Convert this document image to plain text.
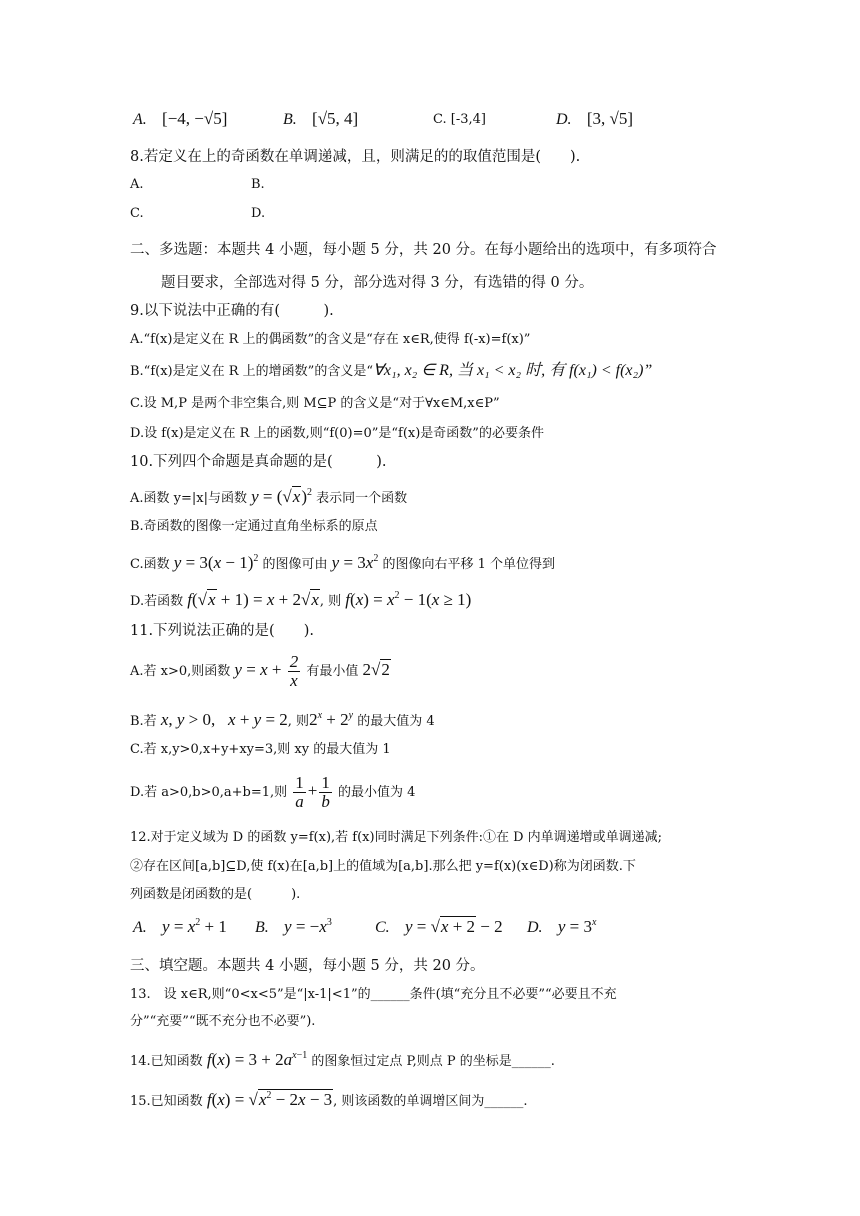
A. [−4, −√5]	B. [√5, 4]	C. [-3,4]	D. [3, √5]
8.若定义在上的奇函数在单调递减，且，则满足的的取值范围是(　　).
A.	B.
C.	D.
二、多选题：本题共 4 小题，每小题 5 分，共 20 分。在每小题给出的选项中，有多项符合
题目要求，全部选对得 5 分，部分选对得 3 分，有选错的得 0 分。
9.以下说法中正确的有(　　　).
A.“f(x)是定义在 R 上的偶函数”的含义是“存在 x∈R,使得 f(-x)=f(x)”
B.“f(x)是定义在 R 上的增函数”的含义是“∀x₁, x₂ ∈ R, 当 x₁ < x₂ 时, 有 f(x₁) < f(x₂)”
C.设 M,P 是两个非空集合,则 M⊆P 的含义是“对于∀x∈M,x∈P”
D.设 f(x)是定义在 R 上的函数,则“f(0)=0”是“f(x)是奇函数”的必要条件
10.下列四个命题是真命题的是(　　　).
A.函数 y=|x|与函数 $y = (√x)^2$ 表示同一个函数
B.奇函数的图像一定通过直角坐标系的原点
C.函数 $y = 3(x - 1)^2$ 的图像可由 $y = 3x^2$ 的图像向右平移 1 个单位得到
D.若函数 f(√x + 1) = x + 2√x, 则 $f(x) = x^2 - 1(x \ge 1)$
11.下列说法正确的是(　　).
A.若 x>0,则函数 $y = x + \frac{2}{x}$ 有最小值 2√2
B.若 x, y > 0,   x + y = 2, 则$2^x + 2^y$ 的最大值为 4
C.若 x,y>0,x+y+xy=3,则 xy 的最大值为 1
D.若 a>0,b>0,a+b=1,则 $\frac{1}{a} + \frac{1}{b}$ 的最小值为 4
12.对于定义域为 D 的函数 y=f(x),若 f(x)同时满足下列条件:①在 D 内单调递增或单调递减;
②存在区间[a,b]⊆D,使 f(x)在[a,b]上的值域为[a,b].那么把 y=f(x)(x∈D)称为闭函数.下
列函数是闭函数的是(　　　).
A. $y = x^2 + 1$ B. $y = -x^3$	C. y = √x + 2 − 2 D. $y = 3^x$
三、填空题。本题共 4 小题，每小题 5 分，共 20 分。
13.　设 x∈R,则“0<x<5”是“|x-1|<1”的______条件(填“充分且不必要”“必要且不充
分”“充要”“既不充分也不必要”).
14.已知函数 $f(x) = 3 + 2a^{x-1}$ 的图象恒过定点 P,则点 P 的坐标是______.
15.已知函数 $f(x) = √x^2 - 2x - 3$, 则该函数的单调增区间为______.
